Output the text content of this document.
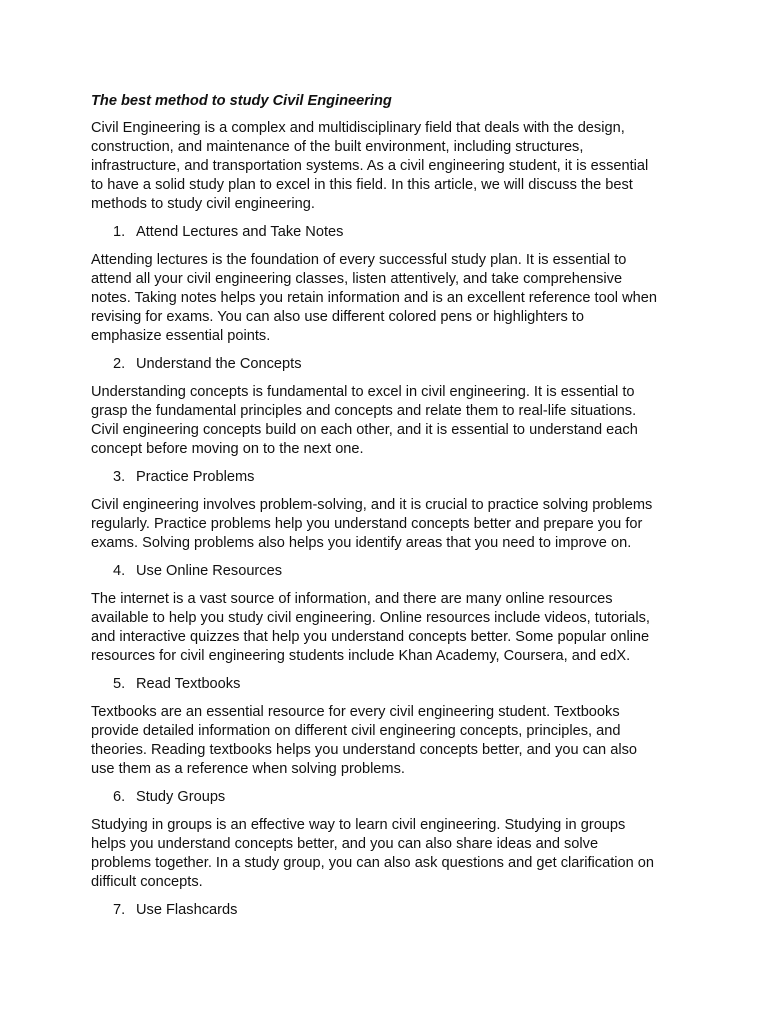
The best method to study Civil Engineering
Civil Engineering is a complex and multidisciplinary field that deals with the design,
construction, and maintenance of the built environment, including structures,
infrastructure, and transportation systems. As a civil engineering student, it is essential
to have a solid study plan to excel in this field. In this article, we will discuss the best
methods to study civil engineering.
1. Attend Lectures and Take Notes
Attending lectures is the foundation of every successful study plan. It is essential to
attend all your civil engineering classes, listen attentively, and take comprehensive
notes. Taking notes helps you retain information and is an excellent reference tool when
revising for exams. You can also use different colored pens or highlighters to
emphasize essential points.
2. Understand the Concepts
Understanding concepts is fundamental to excel in civil engineering. It is essential to
grasp the fundamental principles and concepts and relate them to real-life situations.
Civil engineering concepts build on each other, and it is essential to understand each
concept before moving on to the next one.
3. Practice Problems
Civil engineering involves problem-solving, and it is crucial to practice solving problems
regularly. Practice problems help you understand concepts better and prepare you for
exams. Solving problems also helps you identify areas that you need to improve on.
4. Use Online Resources
The internet is a vast source of information, and there are many online resources
available to help you study civil engineering. Online resources include videos, tutorials,
and interactive quizzes that help you understand concepts better. Some popular online
resources for civil engineering students include Khan Academy, Coursera, and edX.
5. Read Textbooks
Textbooks are an essential resource for every civil engineering student. Textbooks
provide detailed information on different civil engineering concepts, principles, and
theories. Reading textbooks helps you understand concepts better, and you can also
use them as a reference when solving problems.
6. Study Groups
Studying in groups is an effective way to learn civil engineering. Studying in groups
helps you understand concepts better, and you can also share ideas and solve
problems together. In a study group, you can also ask questions and get clarification on
difficult concepts.
7. Use Flashcards
